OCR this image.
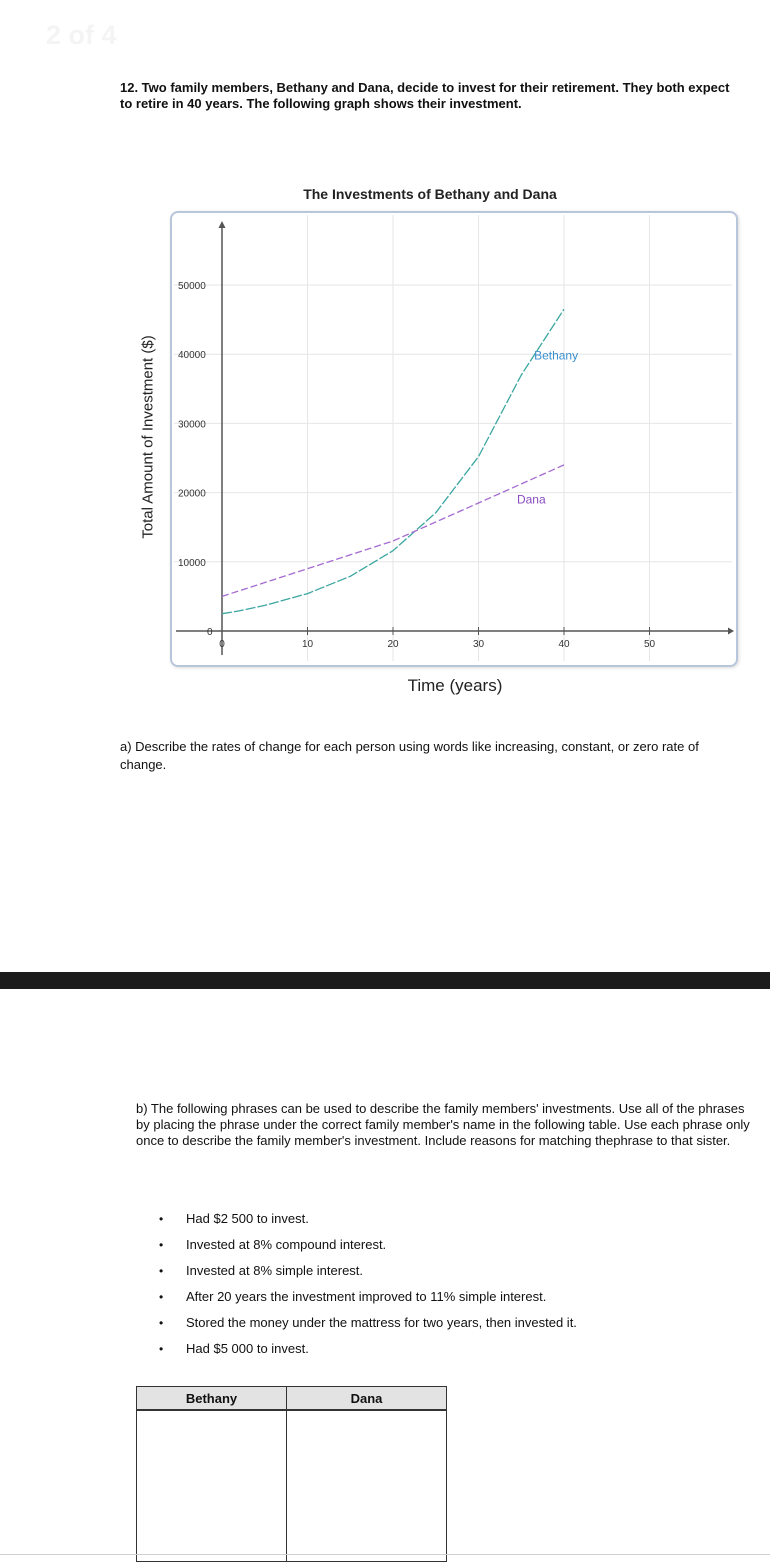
2 of 4
12. Two family members, Bethany and Dana, decide to invest for their retirement. They both expect to retire in 40 years. The following graph shows their investment.
The Investments of Bethany and Dana
0	10	20	30	40	50
0
10000
20000
30000
40000
50000
Bethany
Dana
Total Amount of Investment ($)
Time (years)
a) Describe the rates of change for each person using words like increasing, constant, or zero rate of change.
b) The following phrases can be used to describe the family members' investments. Use all of the phrases by placing the phrase under the correct family member's name in the following table. Use each phrase only once to describe the family member's investment. Include reasons for matching thephrase to that sister.
• Had $2 500 to invest.
• Invested at 8% compound interest.
• Invested at 8% simple interest.
• After 20 years the investment improved to 11% simple interest.
• Stored the money under the mattress for two years, then invested it.
• Had $5 000 to invest.
Bethany	Dana
